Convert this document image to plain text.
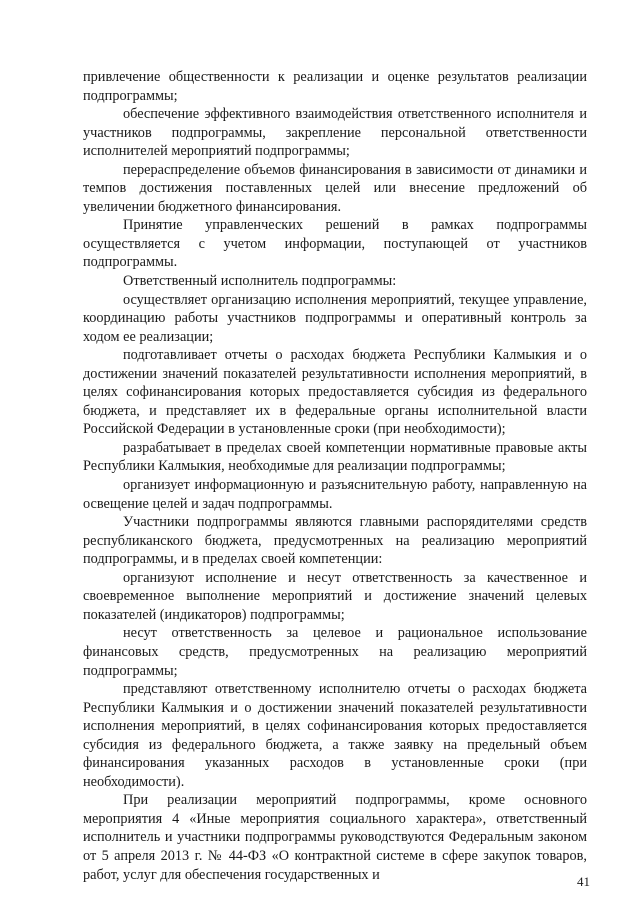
привлечение общественности к реализации и оценке результатов реализации подпрограммы;

обеспечение эффективного взаимодействия ответственного исполнителя и участников подпрограммы, закрепление персональной ответственности исполнителей мероприятий подпрограммы;

перераспределение объемов финансирования в зависимости от динамики и темпов достижения поставленных целей или внесение предложений об увеличении бюджетного финансирования.

Принятие управленческих решений в рамках подпрограммы осуществляется с учетом информации, поступающей от участников подпрограммы.

Ответственный исполнитель подпрограммы:

осуществляет организацию исполнения мероприятий, текущее управление, координацию работы участников подпрограммы и оперативный контроль за ходом ее реализации;

подготавливает отчеты о расходах бюджета Республики Калмыкия и о достижении значений показателей результативности исполнения мероприятий, в целях софинансирования которых предоставляется субсидия из федерального бюджета, и представляет их в федеральные органы исполнительной власти Российской Федерации в установленные сроки (при необходимости);

разрабатывает в пределах своей компетенции нормативные правовые акты Республики Калмыкия, необходимые для реализации подпрограммы;

организует информационную и разъяснительную работу, направленную на освещение целей и задач подпрограммы.

Участники подпрограммы являются главными распорядителями средств республиканского бюджета, предусмотренных на реализацию мероприятий подпрограммы, и в пределах своей компетенции:

организуют исполнение и несут ответственность за качественное и своевременное выполнение мероприятий и достижение значений целевых показателей (индикаторов) подпрограммы;

несут ответственность за целевое и рациональное использование финансовых средств, предусмотренных на реализацию мероприятий подпрограммы;

представляют ответственному исполнителю отчеты о расходах бюджета Республики Калмыкия и о достижении значений показателей результативности исполнения мероприятий, в целях софинансирования которых предоставляется субсидия из федерального бюджета, а также заявку на предельный объем финансирования указанных расходов в установленные сроки (при необходимости).

При реализации мероприятий подпрограммы, кроме основного мероприятия 4 «Иные мероприятия социального характера», ответственный исполнитель и участники подпрограммы руководствуются Федеральным законом от 5 апреля 2013 г. № 44-ФЗ «О контрактной системе в сфере закупок товаров, работ, услуг для обеспечения государственных и	41
